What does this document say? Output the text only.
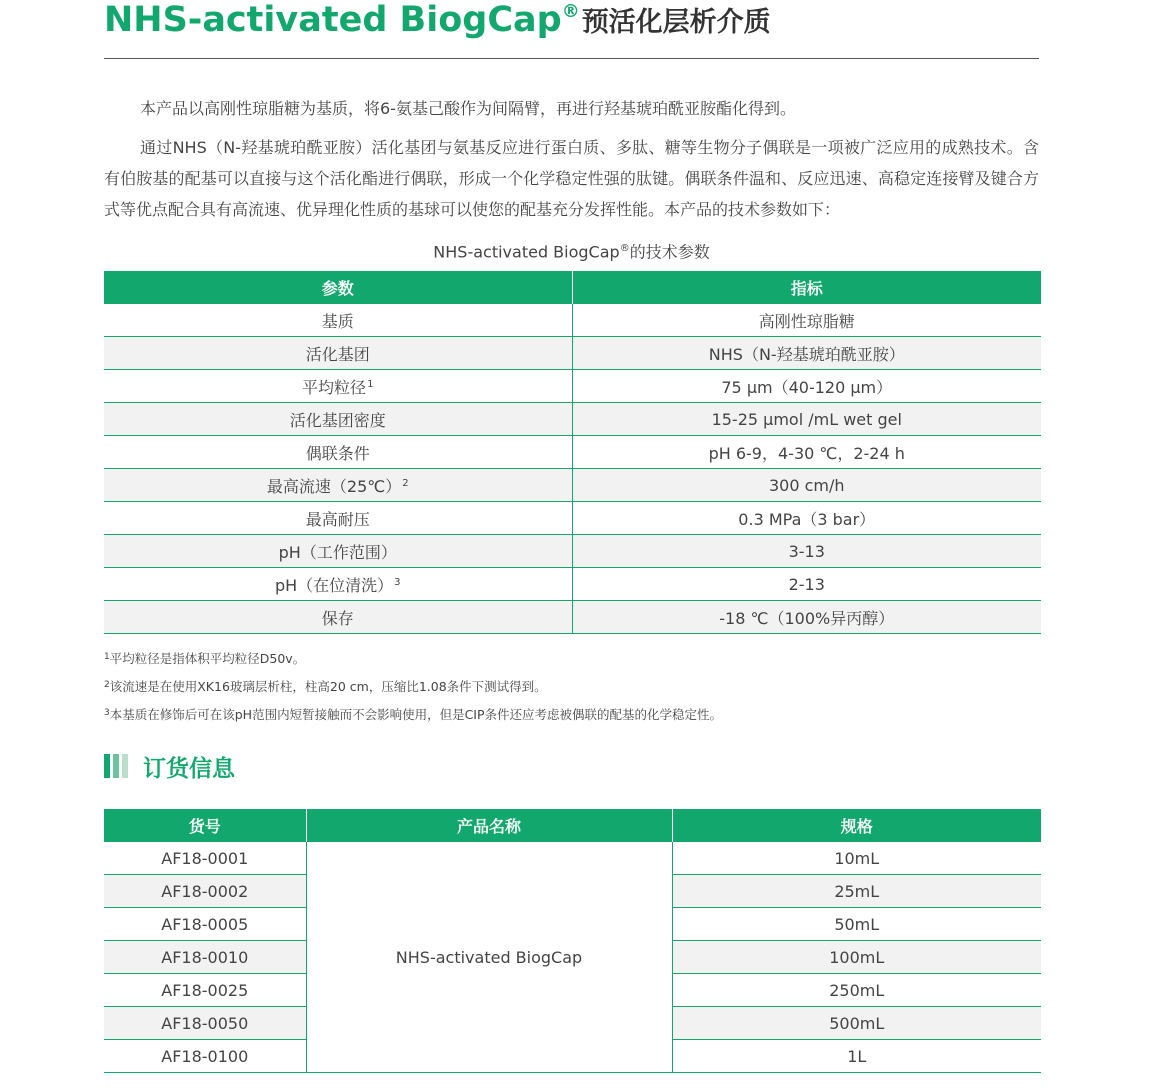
NHS-activated BiogCap ® 预活化层析介质

本产品以高刚性琼脂糖为基质，将6-氨基己酸作为间隔臂，再进行羟基琥珀酰亚胺酯化得到。

通过NHS（N-羟基琥珀酰亚胺）活化基团与氨基反应进行蛋白质、多肽、糖等生物分子偶联是一项被广泛应用的成熟技术。含有伯胺基的配基可以直接与这个活化酯进行偶联，形成一个化学稳定性强的肽键。偶联条件温和、反应迅速、高稳定连接臂及键合方式等优点配合具有高流速、优异理化性质的基球可以使您的配基充分发挥性能。本产品的技术参数如下：

NHS-activated BiogCap®的技术参数
参数	指标
基质	高刚性琼脂糖
活化基团	NHS（N-羟基琥珀酰亚胺）
平均粒径$^1$	75 μm（40-120 μm）
活化基团密度	15-25 μmol /mL wet gel
偶联条件	pH 6-9，4-30 ℃，2-24 h
最高流速（25℃）$^2$	300 cm/h
最高耐压	0.3 MPa（3 bar）
pH（工作范围）	3-13
pH（在位清洗）$^3$	2-13
保存	-18 ℃（100%异丙醇）
$^1$平均粒径是指体积平均粒径D50v。
$^2$该流速是在使用XK16玻璃层析柱，柱高20 cm，压缩比1.08条件下测试得到。
$^3$本基质在修饰后可在该pH范围内短暂接触而不会影响使用，但是CIP条件还应考虑被偶联的配基的化学稳定性。
订货信息
货号	产品名称	规格
AF18-0001	NHS-activated BiogCap	10mL
AF18-0002		25mL
AF18-0005		50mL
AF18-0010		100mL
AF18-0025		250mL
AF18-0050		500mL
AF18-0100		1L
